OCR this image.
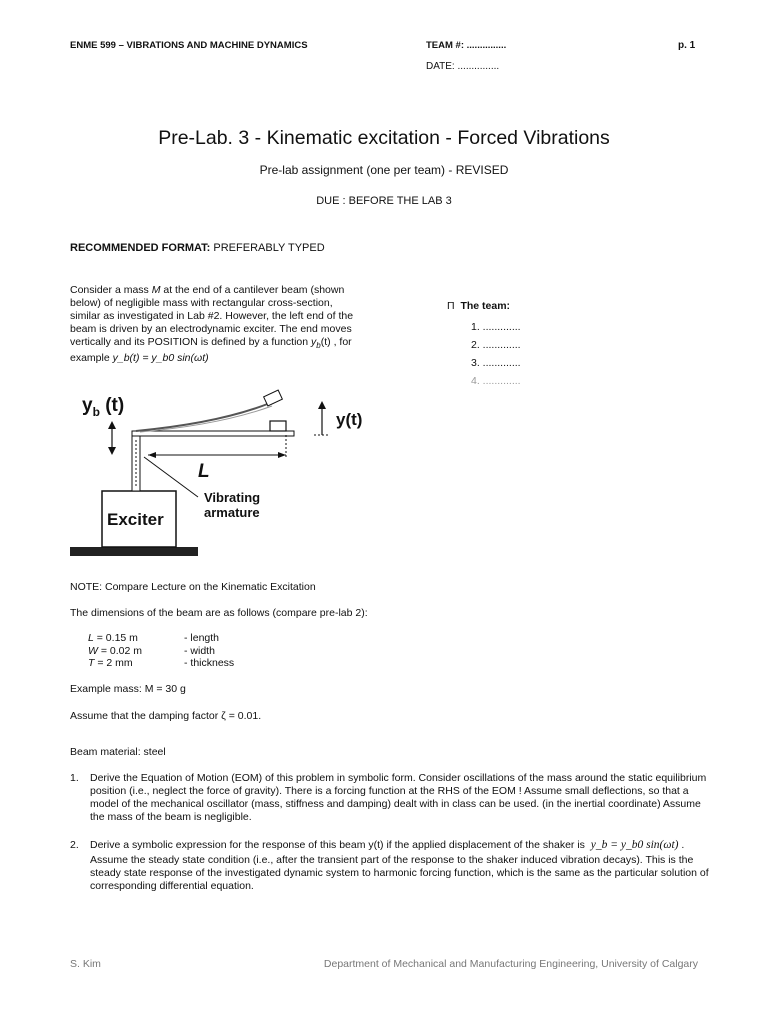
ENME 599 – VIBRATIONS AND MACHINE DYNAMICS	TEAM #: ...............
DATE: ...............
p. 1
Pre-Lab. 3 - Kinematic excitation - Forced Vibrations
Pre-lab assignment (one per team) - REVISED
DUE : BEFORE THE LAB 3
RECOMMENDED FORMAT: PREFERABLY TYPED
Consider a mass M at the end of a cantilever beam (shown below) of negligible mass with rectangular cross-section, similar as investigated in Lab #2. However, the left end of the beam is driven by an electrodynamic exciter. The end moves vertically and its POSITION is defined by a function $y_b(t)$ , for example y_b(t) = y_b0 sin(ωt)
Π The team:
1. .............
2. .............
3. .............
4. .............
$y_b$ (t)
y(t)
L
Vibrating
armature
Exciter
NOTE: Compare Lecture on the Kinematic Excitation
The dimensions of the beam are as follows (compare pre-lab 2):
L = 0.15 m	- length
W = 0.02 m	- width
T = 2 mm	- thickness
Example mass: M = 30 g
Assume that the damping factor ζ = 0.01.
Beam material: steel
1. Derive the Equation of Motion (EOM) of this problem in symbolic form. Consider oscillations of the mass around the static equilibrium position (i.e., neglect the force of gravity). There is a forcing function at the RHS of the EOM ! Assume small deflections, so that a model of the mechanical oscillator (mass, stiffness and damping) dealt with in class can be used. (in the inertial coordinate) Assume the mass of the beam is negligible.
2. Derive a symbolic expression for the response of this beam y(t) if the applied displacement of the shaker is y_b = y_b0 sin(ωt) .
Assume the steady state condition (i.e., after the transient part of the response to the shaker induced vibration decays). This is the steady state response of the investigated dynamic system to harmonic forcing function, which is the same as the particular solution of corresponding differential equation.
S. Kim	Department of Mechanical and Manufacturing Engineering, University of Calgary
